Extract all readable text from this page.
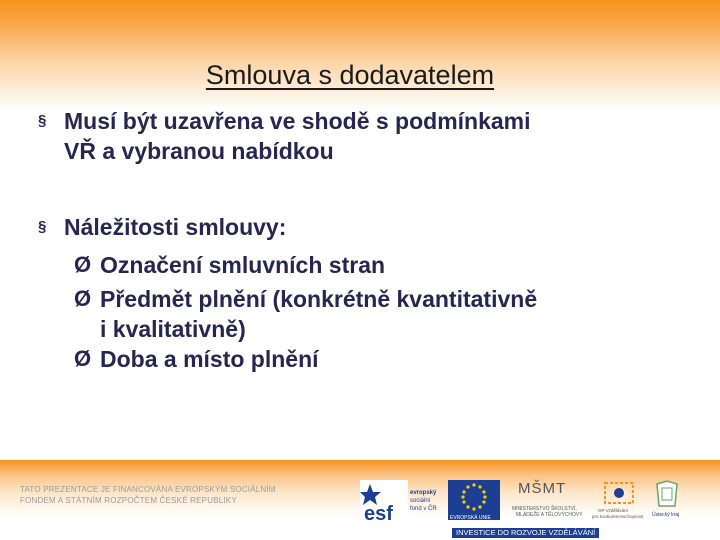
Smlouva s dodavatelem
§ Musí být uzavřena ve shodě s podmínkami
VŘ a vybranou nabídkou
§ Náležitosti smlouvy:
Ø Označení smluvních stran
Ø Předmět plnění (konkrétně kvantitativně
i kvalitativně)
Ø Doba a místo plnění
TATO PREZENTACE JE FINANCOVÁNA EVROPSKÝM SOCIÁLNÍM
FONDEM A STÁTNÍM ROZPOČTEM ČESKÉ REPUBLIKY
esf
evropský
sociální
fond v ČR
EVROPSKÁ UNIE
MŠMT
MINISTERSTVO ŠKOLSTVÍ,
MLÁDEŽE A TĚLOVÝCHOVY
OP Vzdělávání
pro konkurenceschopnost Ústecký kraj
INVESTICE DO ROZVOJE VZDĚLÁVÁNÍ
